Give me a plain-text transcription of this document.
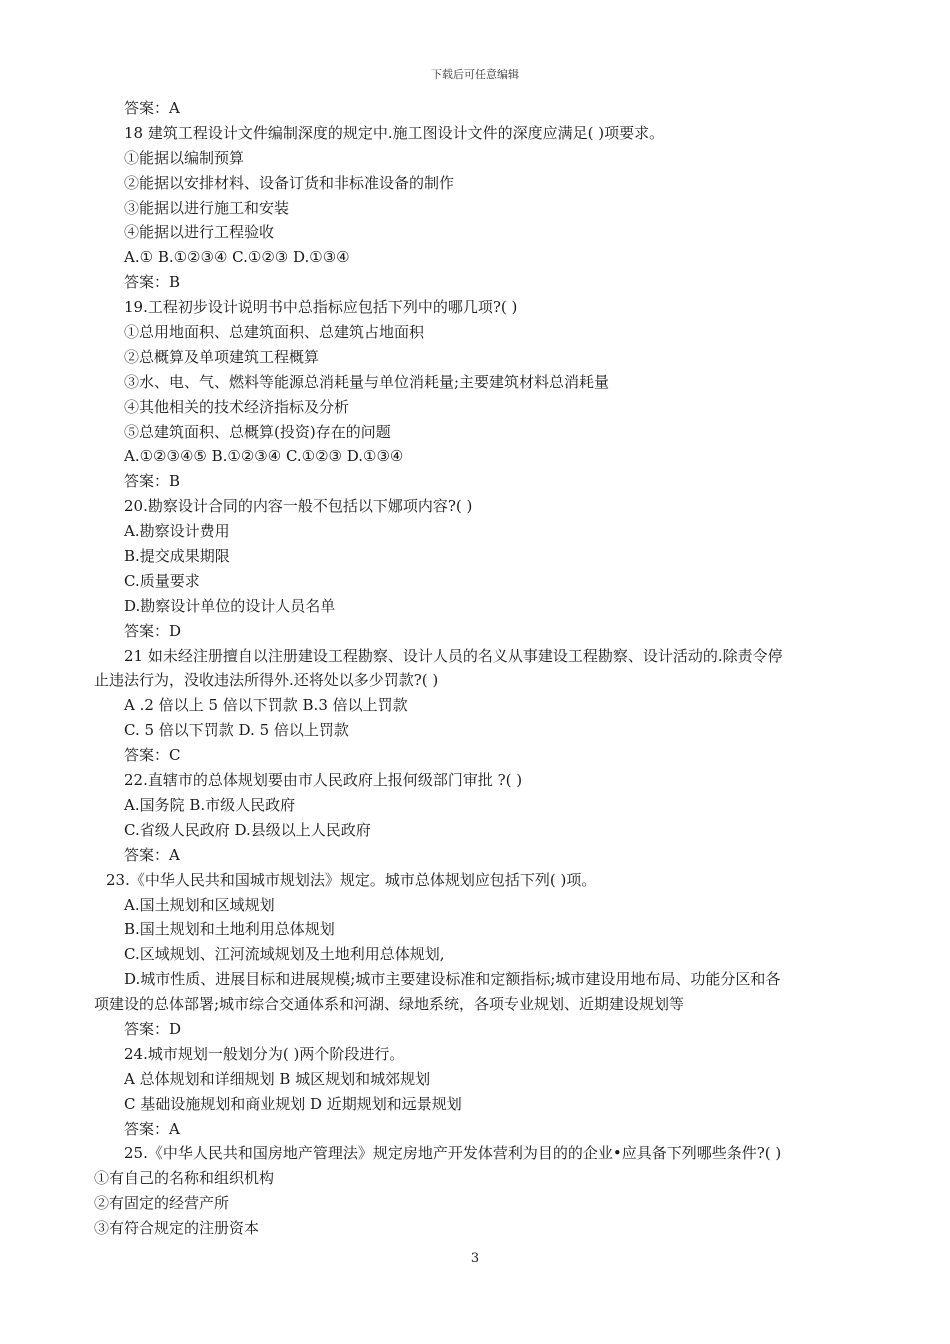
下载后可任意编辑
答案：A
18 建筑工程设计文件编制深度的规定中.施工图设计文件的深度应满足( )项要求。
①能据以编制预算
②能据以安排材料、设备订货和非标准设备的制作
③能据以进行施工和安装
④能据以进行工程验收
A.① B.①②③④ C.①②③ D.①③④
答案：B
19.工程初步设计说明书中总指标应包括下列中的哪几项?( )
①总用地面积、总建筑面积、总建筑占地面积
②总概算及单项建筑工程概算
③水、电、气、燃料等能源总消耗量与单位消耗量;主要建筑材料总消耗量
④其他相关的技术经济指标及分析
⑤总建筑面积、总概算(投资)存在的问题
A.①②③④⑤ B.①②③④ C.①②③ D.①③④
答案：B
20.勘察设计合同的内容一般不包括以下娜项内容?( )
A.勘察设计费用
B.提交成果期限
C.质量要求
D.勘察设计单位的设计人员名单
答案：D
21 如未经注册擅自以注册建设工程勘察、设计人员的名义从事建设工程勘察、设计活动的.除责令停
止违法行为，没收违法所得外.还将处以多少罚款?( )
A .2 倍以上 5 倍以下罚款 B.3 倍以上罚款
C. 5 倍以下罚款 D. 5 倍以上罚款
答案：C
22.直辖市的总体规划要由市人民政府上报何级部门审批 ?( )
A.国务院 B.市级人民政府
C.省级人民政府 D.县级以上人民政府
答案：A
23.《中华人民共和国城市规划法》规定。城市总体规划应包括下列( )项。
A.国土规划和区域规划
B.国土规划和土地利用总体规划
C.区域规划、江河流域规划及土地利用总体规划,
D.城市性质、进展目标和进展规模;城市主要建设标准和定额指标;城市建设用地布局、功能分区和各
项建设的总体部署;城市综合交通体系和河湖、绿地系统，各项专业规划、近期建设规划等
答案：D
24.城市规划一般划分为( )两个阶段进行。
A 总体规划和详细规划 B 城区规划和城郊规划
C 基础设施规划和商业规划 D 近期规划和远景规划
答案：A
25.《中华人民共和国房地产管理法》规定房地产开发体营利为目的的企业•应具备下列哪些条件?( )
①有自己的名称和组织机构
②有固定的经营产所
③有符合规定的注册资本
3
